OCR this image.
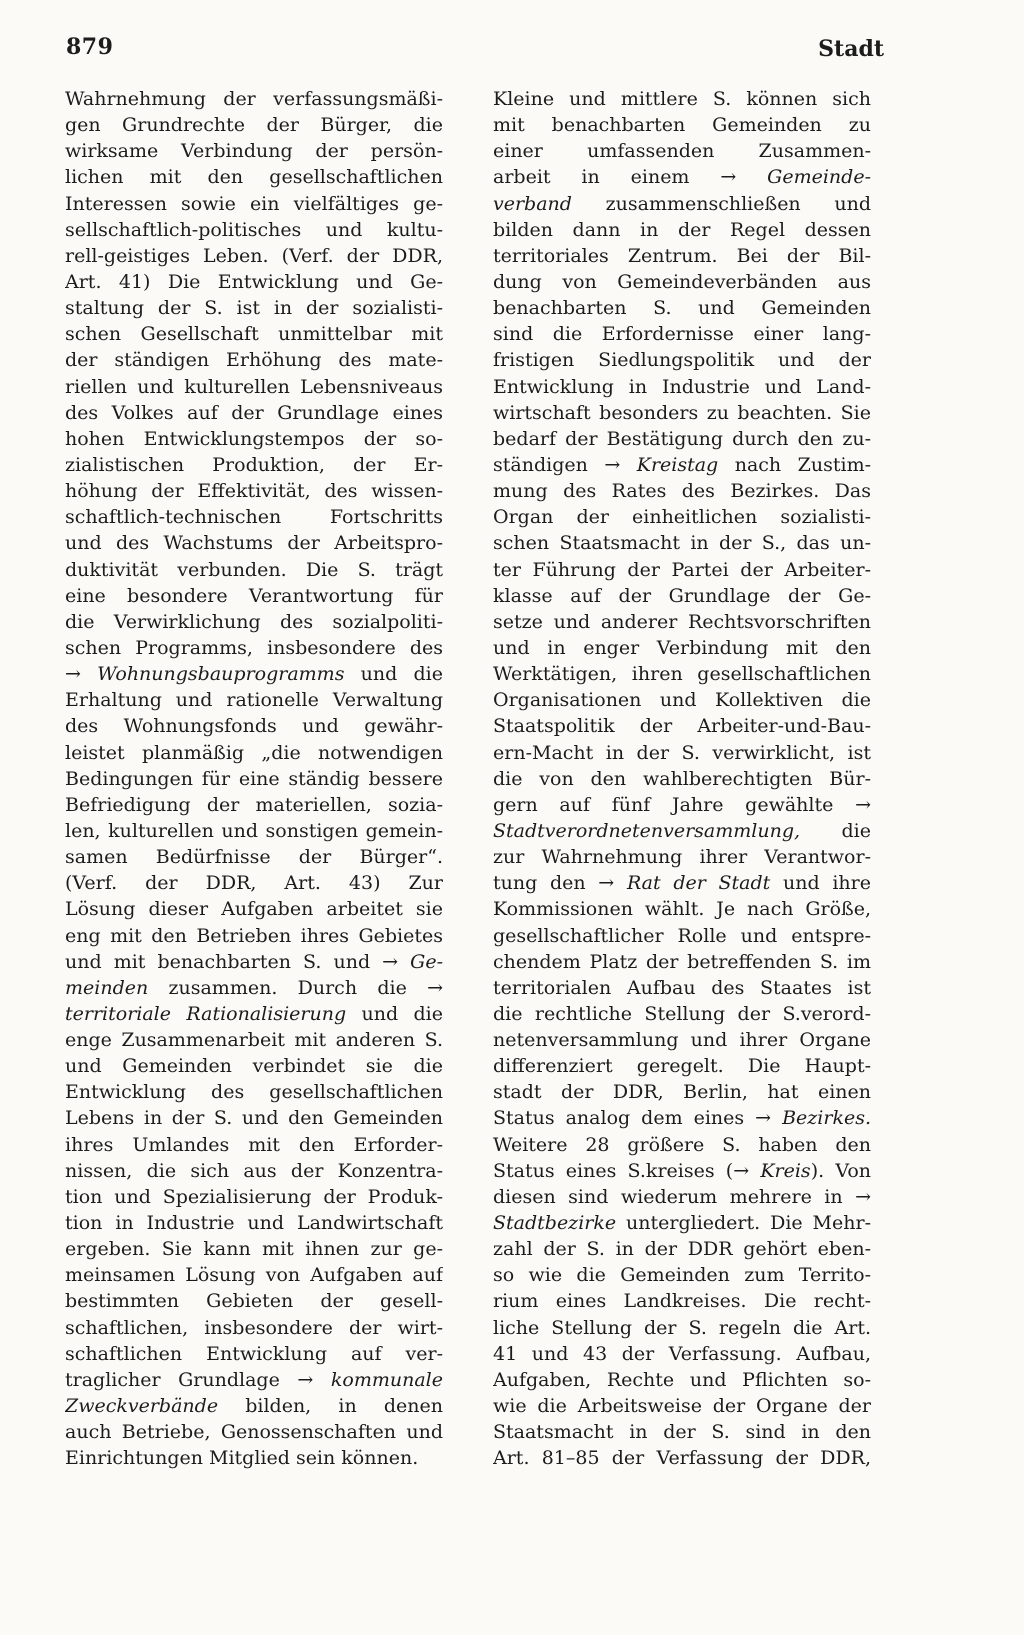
879	Stadt
Wahrnehmung der verfassungsmäßi-
gen Grundrechte der Bürger, die
wirksame Verbindung der persön-
lichen mit den gesellschaftlichen
Interessen sowie ein vielfältiges ge-
sellschaftlich-politisches und kultu-
rell-geistiges Leben. (Verf. der DDR,
Art. 41) Die Entwicklung und Ge-
staltung der S. ist in der sozialisti-
schen Gesellschaft unmittelbar mit
der ständigen Erhöhung des mate-
riellen und kulturellen Lebensniveaus
des Volkes auf der Grundlage eines
hohen Entwicklungstempos der so-
zialistischen Produktion, der Er-
höhung der Effektivität, des wissen-
schaftlich-technischen Fortschritts
und des Wachstums der Arbeitspro-
duktivität verbunden. Die S. trägt
eine besondere Verantwortung für
die Verwirklichung des sozialpoliti-
schen Programms, insbesondere des
→ Wohnungsbauprogramms und die
Erhaltung und rationelle Verwaltung
des Wohnungsfonds und gewähr-
leistet planmäßig „die notwendigen
Bedingungen für eine ständig bessere
Befriedigung der materiellen, sozia-
len, kulturellen und sonstigen gemein-
samen Bedürfnisse der Bürger“.
(Verf. der DDR, Art. 43) Zur
Lösung dieser Aufgaben arbeitet sie
eng mit den Betrieben ihres Gebietes
und mit benachbarten S. und → Ge-
meinden zusammen. Durch die →
territoriale Rationalisierung und die
enge Zusammenarbeit mit anderen S.
und Gemeinden verbindet sie die
Entwicklung des gesellschaftlichen
Lebens in der S. und den Gemeinden
ihres Umlandes mit den Erforder-
nissen, die sich aus der Konzentra-
tion und Spezialisierung der Produk-
tion in Industrie und Landwirtschaft
ergeben. Sie kann mit ihnen zur ge-
meinsamen Lösung von Aufgaben auf
bestimmten Gebieten der gesell-
schaftlichen, insbesondere der wirt-
schaftlichen Entwicklung auf ver-
traglicher Grundlage → kommunale
Zweckverbände bilden, in denen
auch Betriebe, Genossenschaften und
Einrichtungen Mitglied sein können.
Kleine und mittlere S. können sich
mit benachbarten Gemeinden zu
einer umfassenden Zusammen-
arbeit in einem → Gemeinde-
verband zusammenschließen und
bilden dann in der Regel dessen
territoriales Zentrum. Bei der Bil-
dung von Gemeindeverbänden aus
benachbarten S. und Gemeinden
sind die Erfordernisse einer lang-
fristigen Siedlungspolitik und der
Entwicklung in Industrie und Land-
wirtschaft besonders zu beachten. Sie
bedarf der Bestätigung durch den zu-
ständigen → Kreistag nach Zustim-
mung des Rates des Bezirkes. Das
Organ der einheitlichen sozialisti-
schen Staatsmacht in der S., das un-
ter Führung der Partei der Arbeiter-
klasse auf der Grundlage der Ge-
setze und anderer Rechtsvorschriften
und in enger Verbindung mit den
Werktätigen, ihren gesellschaftlichen
Organisationen und Kollektiven die
Staatspolitik der Arbeiter-und-Bau-
ern-Macht in der S. verwirklicht, ist
die von den wahlberechtigten Bür-
gern auf fünf Jahre gewählte →
Stadtverordnetenversammlung, die
zur Wahrnehmung ihrer Verantwor-
tung den → Rat der Stadt und ihre
Kommissionen wählt. Je nach Größe,
gesellschaftlicher Rolle und entspre-
chendem Platz der betreffenden S. im
territorialen Aufbau des Staates ist
die rechtliche Stellung der S.verord-
netenversammlung und ihrer Organe
differenziert geregelt. Die Haupt-
stadt der DDR, Berlin, hat einen
Status analog dem eines → Bezirkes.
Weitere 28 größere S. haben den
Status eines S.kreises (→ Kreis). Von
diesen sind wiederum mehrere in →
Stadtbezirke untergliedert. Die Mehr-
zahl der S. in der DDR gehört eben-
so wie die Gemeinden zum Territo-
rium eines Landkreises. Die recht-
liche Stellung der S. regeln die Art.
41 und 43 der Verfassung. Aufbau,
Aufgaben, Rechte und Pflichten so-
wie die Arbeitsweise der Organe der
Staatsmacht in der S. sind in den
Art. 81–85 der Verfassung der DDR,
